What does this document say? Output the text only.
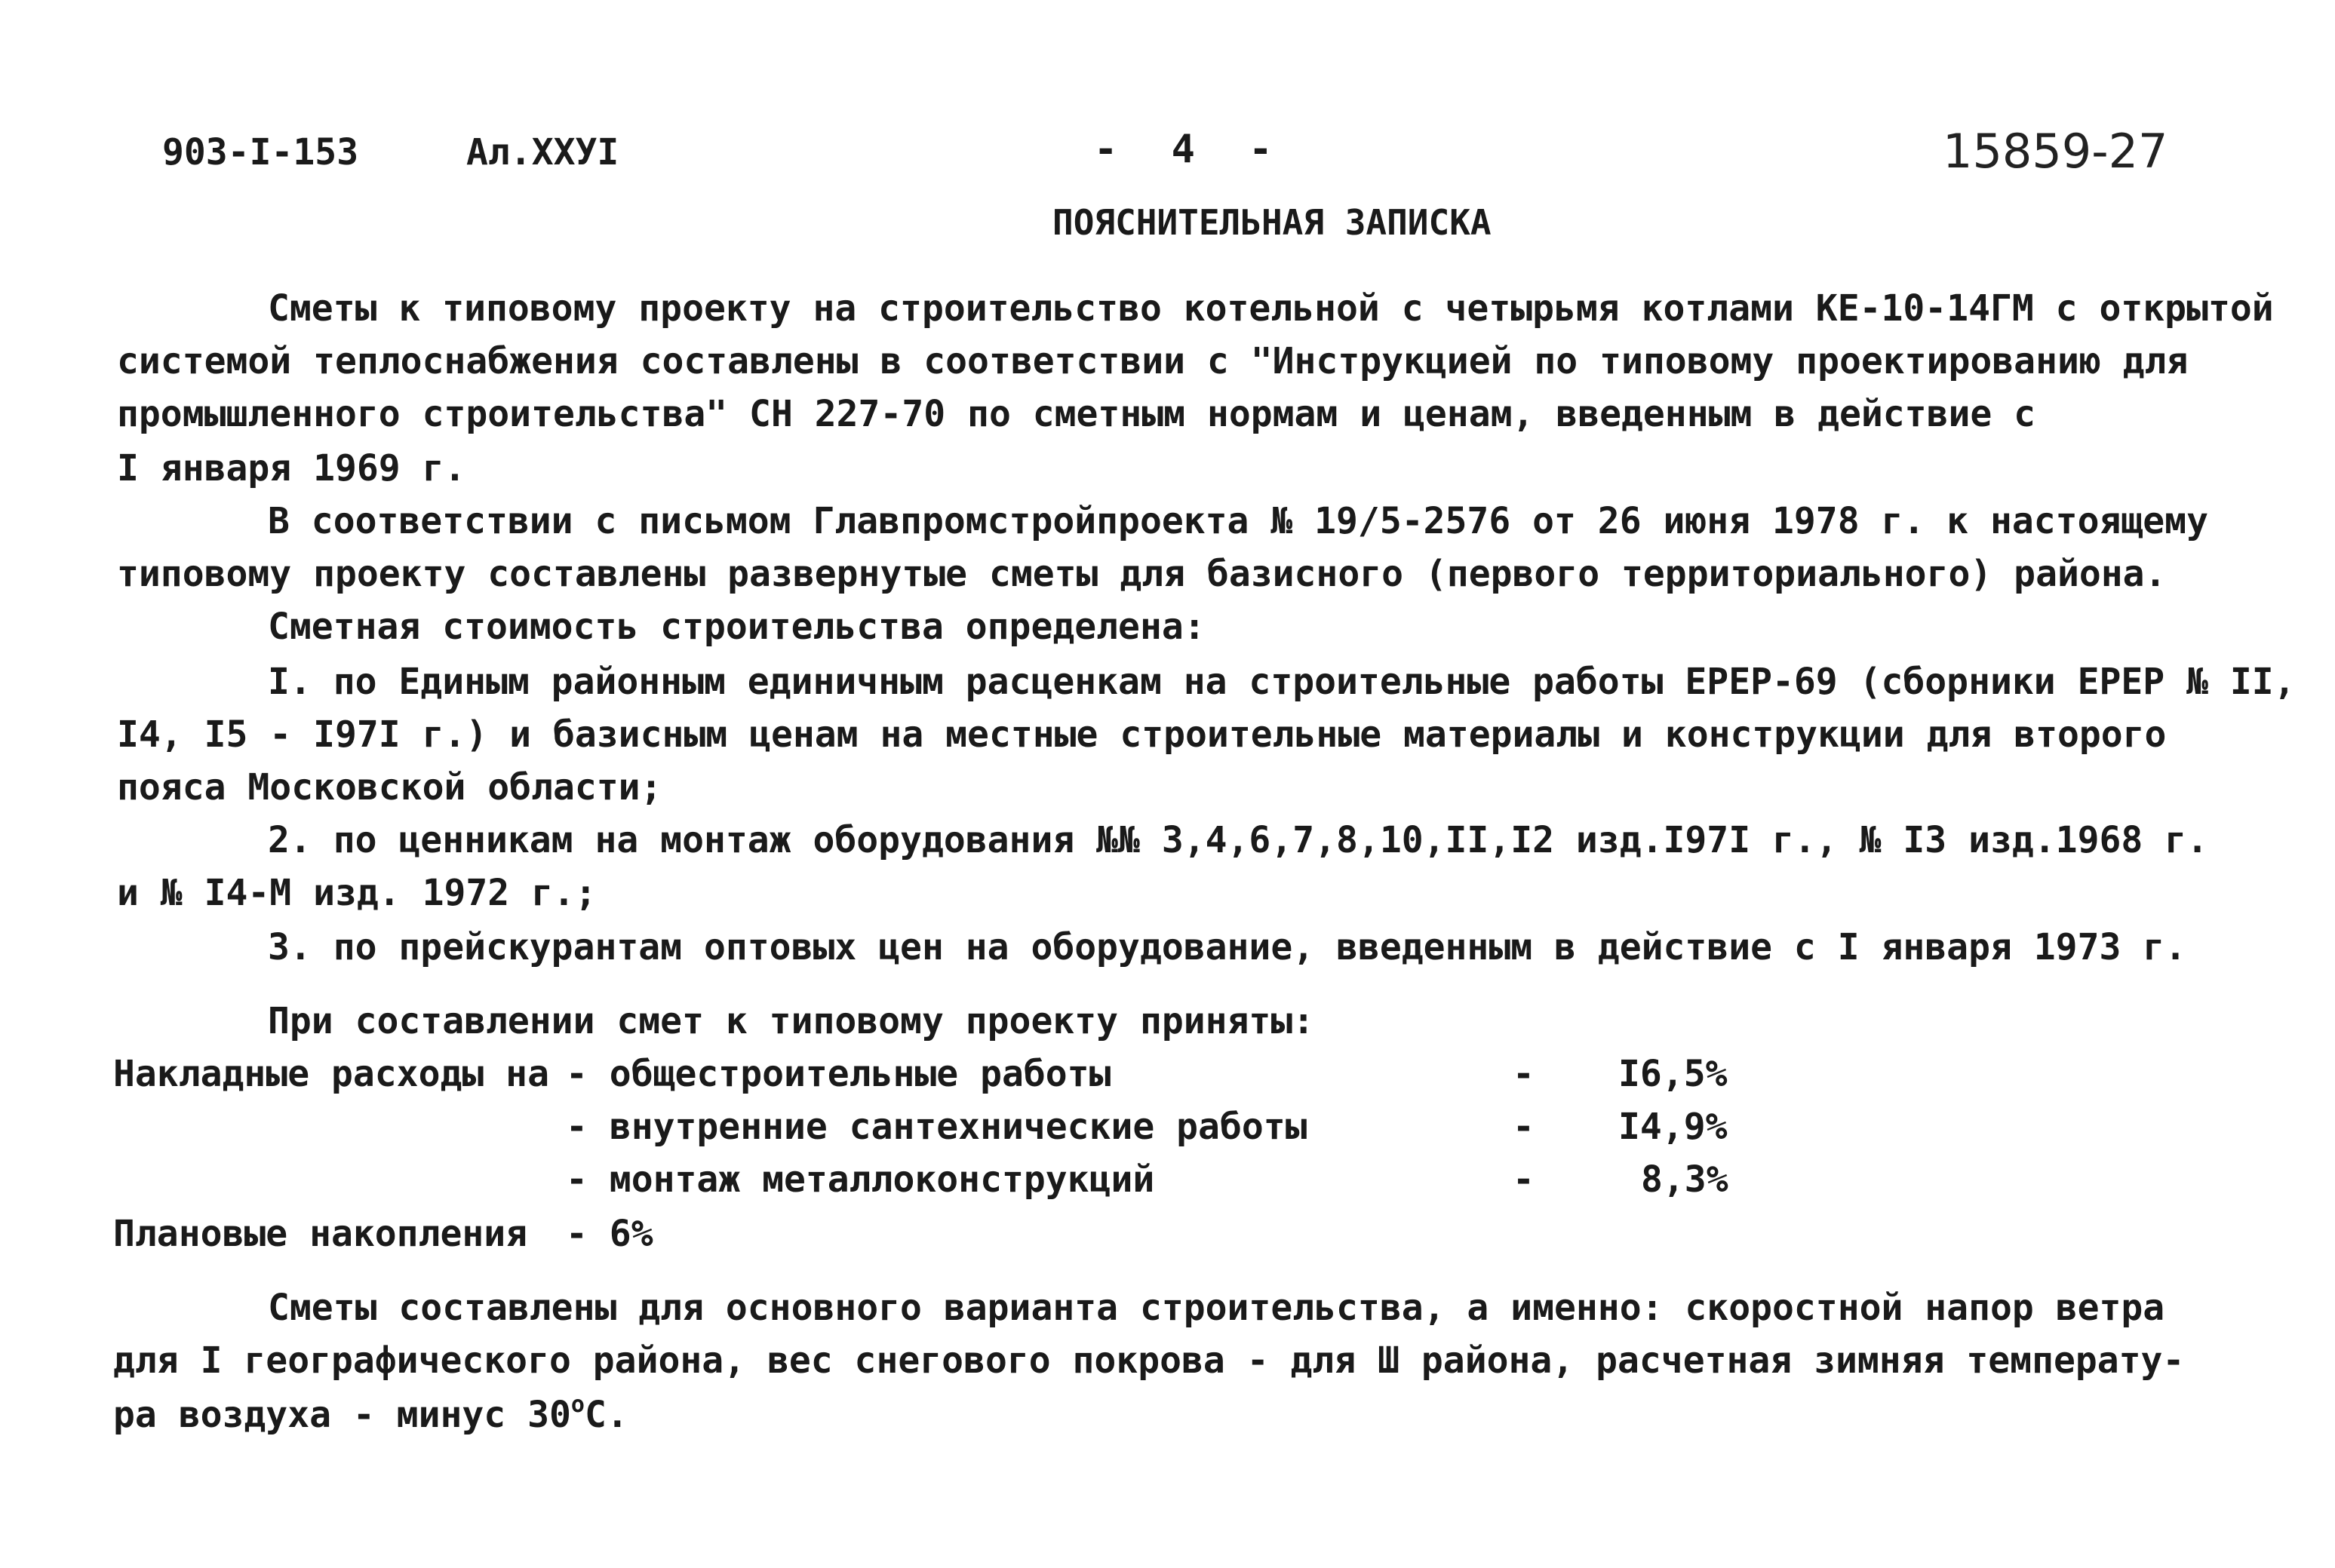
903-I-153	Ал.XXУI	- 4 -	15859-27
ПОЯСНИТЕЛЬНАЯ ЗАПИСКА
Сметы к типовому проекту на строительство котельной с четырьмя котлами КЕ-10-14ГМ с открытой
системой теплоснабжения составлены в соответствии с "Инструкцией по типовому проектированию для
промышленного строительства" СН 227-70 по сметным нормам и ценам, введенным в действие с
I января 1969 г.
В соответствии с письмом Главпромстройпроекта № 19/5-2576 от 26 июня 1978 г. к настоящему
типовому проекту составлены развернутые сметы для базисного (первого территориального) района.
Сметная стоимость строительства определена:
I. по Единым районным единичным расценкам на строительные работы ЕРЕР-69 (сборники ЕРЕР № II,
I4, I5 - I97I г.) и базисным ценам на местные строительные материалы и конструкции для второго
пояса Московской области;
2. по ценникам на монтаж оборудования №№ 3,4,6,7,8,10,II,I2 изд.I97I г., № I3 изд.1968 г.
и № I4-М изд. 1972 г.;
3. по прейскурантам оптовых цен на оборудование, введенным в действие с I января 1973 г.
При составлении смет к типовому проекту приняты:
Накладные расходы на - общестроительные работы	- I6,5%
- внутренние сантехнические работы	- I4,9%
- монтаж металлоконструкций	-	8,3%
Плановые накопления - 6%
Сметы составлены для основного варианта строительства, а именно: скоростной напор ветра
для I географического района, вес снегового покрова - для Ш района, расчетная зимняя температу-
ра воздуха - минус $30^оС$.
